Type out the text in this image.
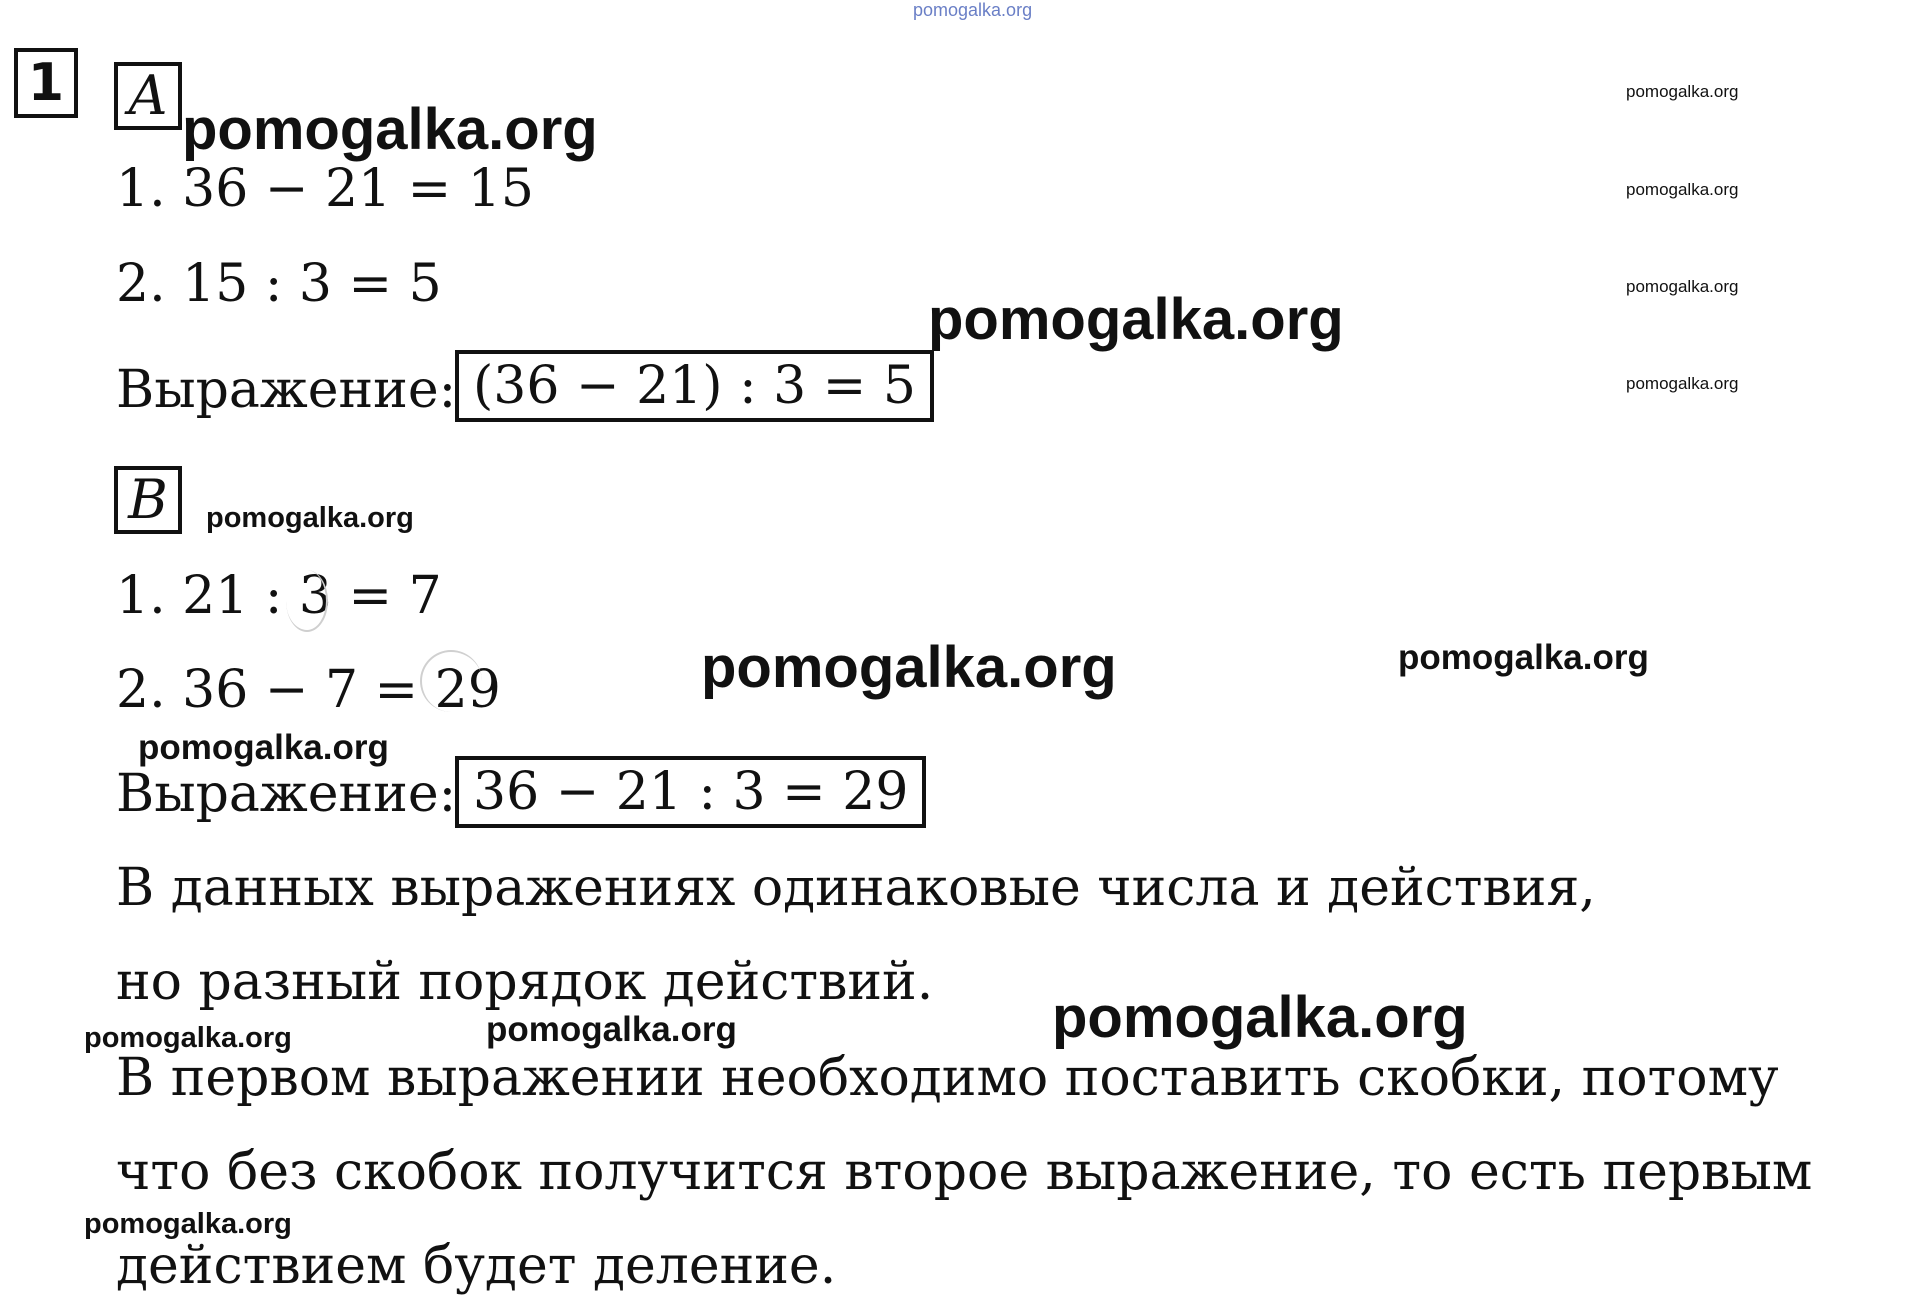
pomogalka.org
1 A
pomogalka.org
1. 36 − 21 = 15
2. 15 : 3 = 5
pomogalka.org
Выражение: (36 − 21) : 3 = 5
pomogalka.org
pomogalka.org
pomogalka.org
pomogalka.org
B	pomogalka.org
1. 21 : 3 = 7
2. 36 − 7 = 29	pomogalka.org	pomogalka.org
pomogalka.org
Выражение: 36 − 21 : 3 = 29
В данных выражениях одинаковые числа и действия,
но разный порядок действий.
pomogalka.org
pomogalka.org	pomogalka.org
В первом выражении необходимо поставить скобки, потому
что без скобок получится второе выражение, то есть первым
pomogalka.org
действием будет деление.
